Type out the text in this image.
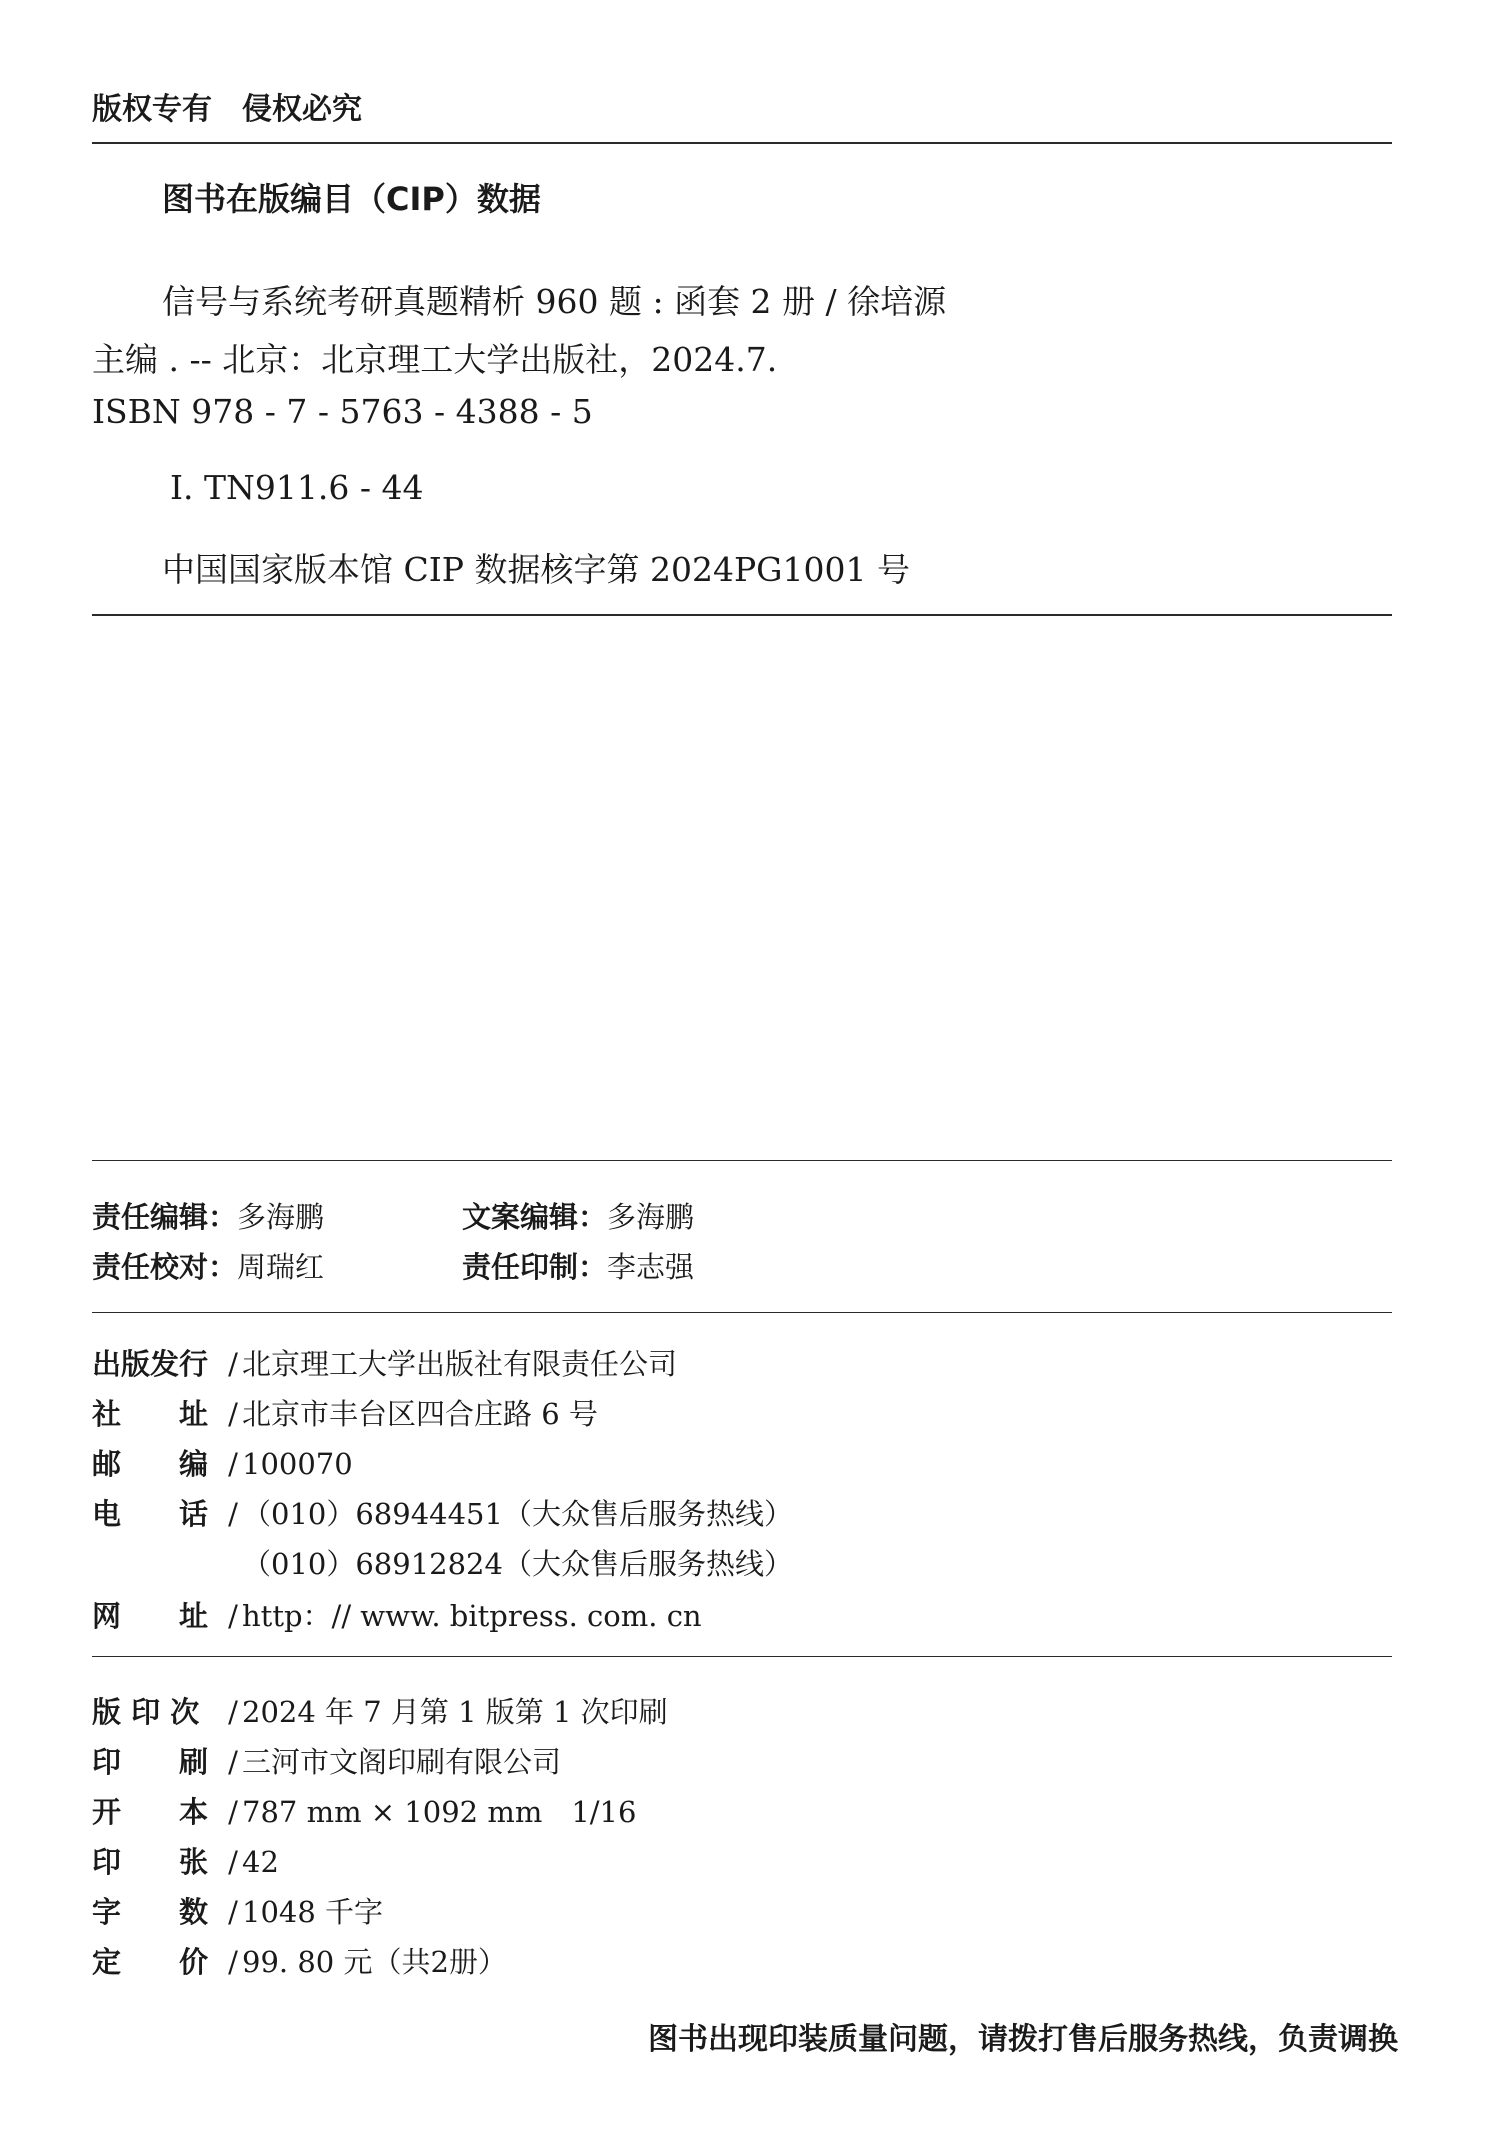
版权专有　侵权必究
图书在版编目（CIP）数据
信号与系统考研真题精析 960 题 : 函套 2 册 / 徐培源
主编 . -- 北京：北京理工大学出版社，2024.7.
ISBN 978 - 7 - 5763 - 4388 - 5
Ⅰ. TN911.6 - 44
中国国家版本馆 CIP 数据核字第 2024PG1001 号
责任编辑：多海鹏	文案编辑：多海鹏
责任校对：周瑞红	责任印制：李志强
出版发行 / 北京理工大学出版社有限责任公司
社　　址 / 北京市丰台区四合庄路 6 号
邮　　编 / 100070
电　　话 / （010）68944451（大众售后服务热线）
（010）68912824（大众售后服务热线）
网　　址 / http：// www. bitpress. com. cn
版 印 次 / 2024 年 7 月第 1 版第 1 次印刷
印　　刷 / 三河市文阁印刷有限公司
开　　本 / 787 mm × 1092 mm　1/16
印　　张 / 42
字　　数 / 1048 千字
定　　价 / 99. 80 元（共2册）
图书出现印装质量问题，请拨打售后服务热线，负责调换
